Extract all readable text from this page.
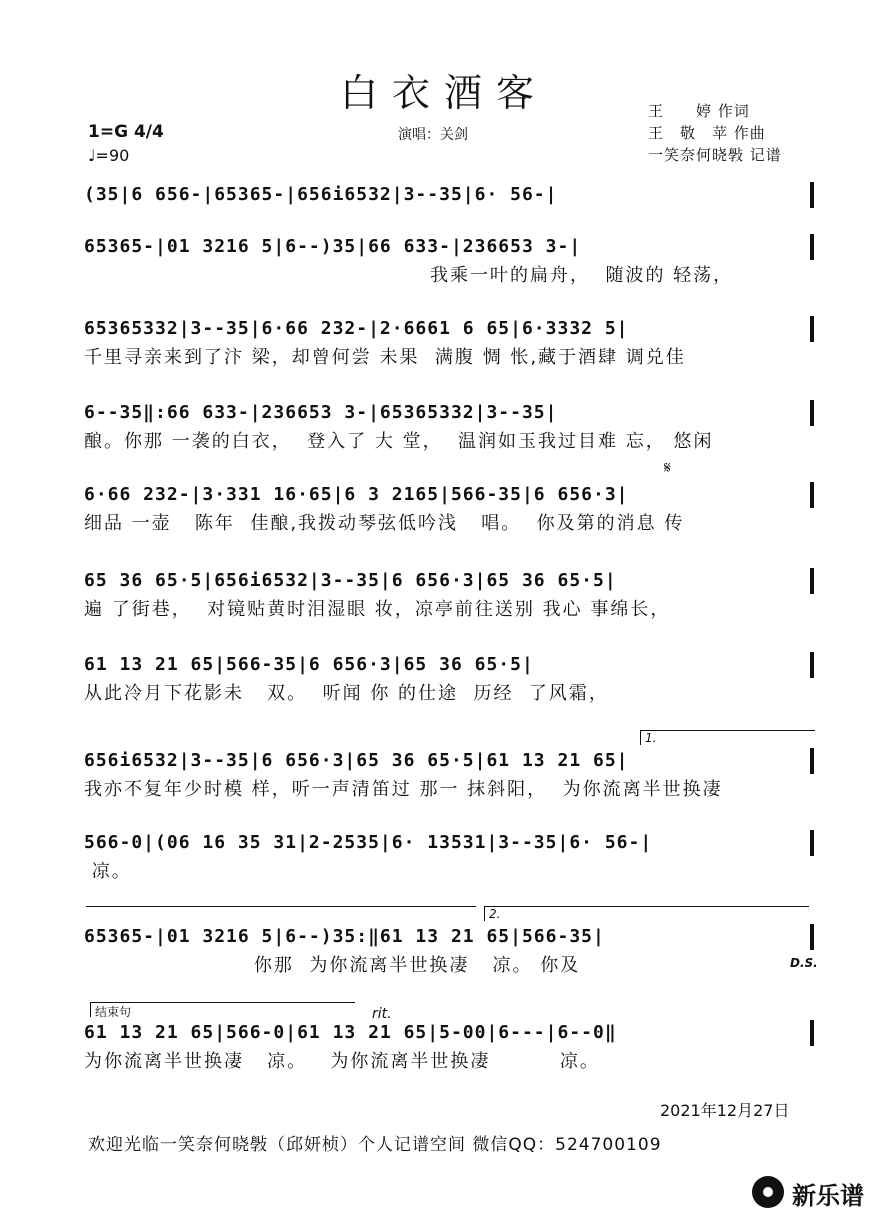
白衣酒客
1=G 4/4
♩=90
演唱：关剑
王　　婷 作词
王　敬　苹 作曲
一笑奈何晓斅 记谱
(35|6 656-|65365-|656i6532|3--35|6· 56-|
65365-|01 3216 5|6--)35|66 633-|236653 3-|
我乘一叶的扁舟，  随波的 轻荡，
65365332|3--35|6·66 232-|2·6661 6 65|6·3332 5|
千里寻亲来到了汴 梁，却曾何尝 未果  满腹 惆 怅,藏于酒肆 调兑佳
6--35‖:66 633-|236653 3-|65365332|3--35|
酿。你那 一袭的白衣，  登入了 大 堂，  温润如玉我过目难 忘， 悠闲
𝄋
6·66 232-|3·331 16·65|6 3 2165|566-35|6 656·3|
细品 一壶   陈年  佳酿,我拨动琴弦低吟浅   唱。  你及第的消息 传
65 36 65·5|656i6532|3--35|6 656·3|65 36 65·5|
遍 了街巷，  对镜贴黄时泪湿眼 妆，凉亭前往送别 我心 事绵长，
61 13 21 65|566-35|6 656·3|65 36 65·5|
从此冷月下花影未   双。  听闻 你 的仕途  历经  了风霜，
1.
656i6532|3--35|6 656·3|65 36 65·5|61 13 21 65|
我亦不复年少时模 样，听一声清笛过 那一 抹斜阳，  为你流离半世换凄
566-0|(06 16 35 31|2-2535|6· 13531|3--35|6· 56-|
凉。
2.
65365-|01 3216 5|6--)35:‖61 13 21 65|566-35|
你那  为你流离半世换凄   凉。 你及	D.S.
结束句	rit.
61 13 21 65|566-0|61 13 21 65|5-00|6---|6--0‖
为你流离半世换凄   凉。   为你流离半世换凄         凉。
2021年12月27日
欢迎光临一笑奈何晓斅（邱妍桢）个人记谱空间 微信QQ：524700109
新乐谱
